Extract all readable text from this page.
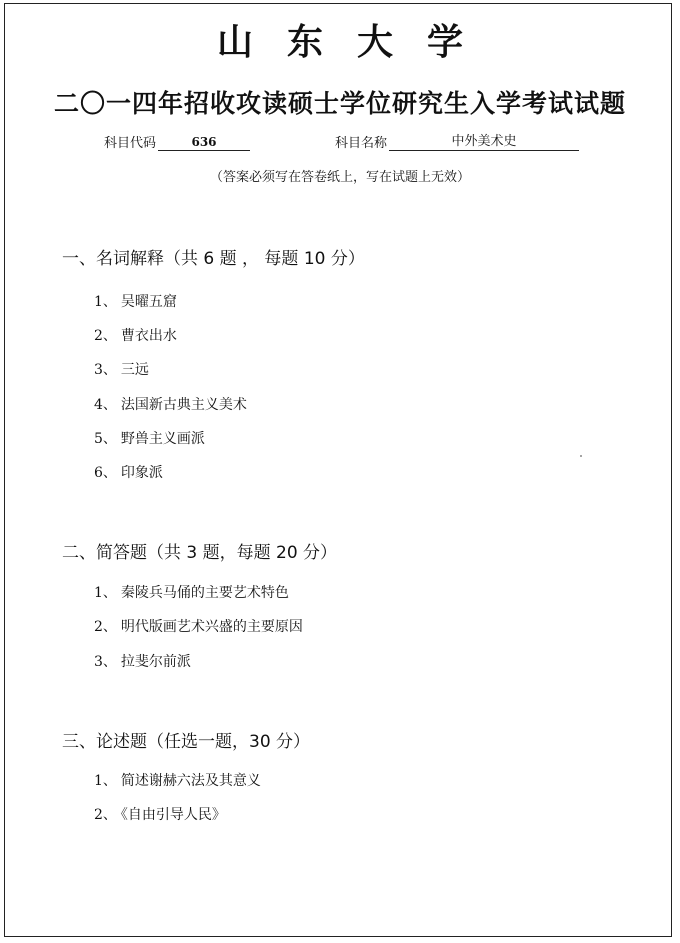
山东大学
二〇一四年招收攻读硕士学位研究生入学考试试题
科目代码	636	科目名称	中外美术史
（答案必须写在答卷纸上，写在试题上无效）
一、名词解释（共 6 题 ， 每题 10 分）
1、 吴曜五窟
2、 曹衣出水
3、 三远
4、 法国新古典主义美术
5、 野兽主义画派
6、 印象派
二、简答题（共 3 题，每题 20 分）
1、 秦陵兵马俑的主要艺术特色
2、 明代版画艺术兴盛的主要原因
3、 拉斐尔前派
三、论述题（任选一题，30 分）
1、 简述谢赫六法及其意义
2、 《自由引导人民》
